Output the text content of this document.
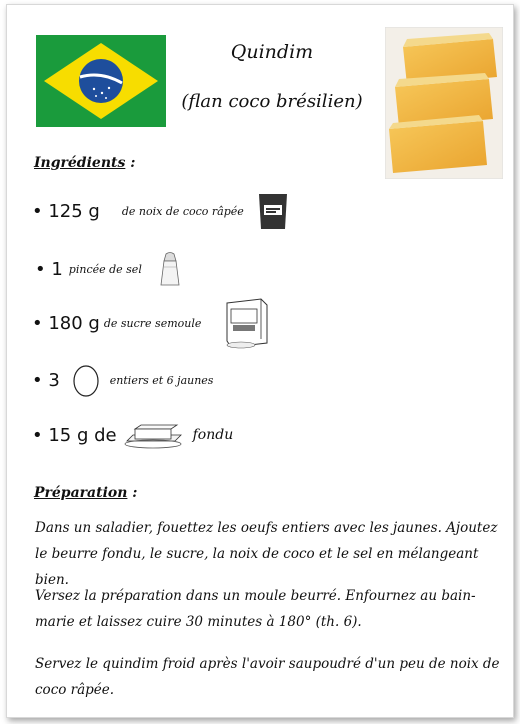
Quindim
(flan coco brésilien)
Ingrédients :
• 125 g de noix de coco râpée
• 1 pincée de sel
• 180 g de sucre semoule
• 3	entiers et 6 jaunes
• 15 g de	fondu
Préparation :
Dans un saladier, fouettez les oeufs entiers avec les jaunes. Ajoutez le beurre fondu, le sucre, la noix de coco et le sel en mélangeant bien.
Versez la préparation dans un moule beurré. Enfournez au bain-marie et laissez cuire 30 minutes à 180° (th. 6).
Servez le quindim froid après l'avoir saupoudré d'un peu de noix de coco râpée.
